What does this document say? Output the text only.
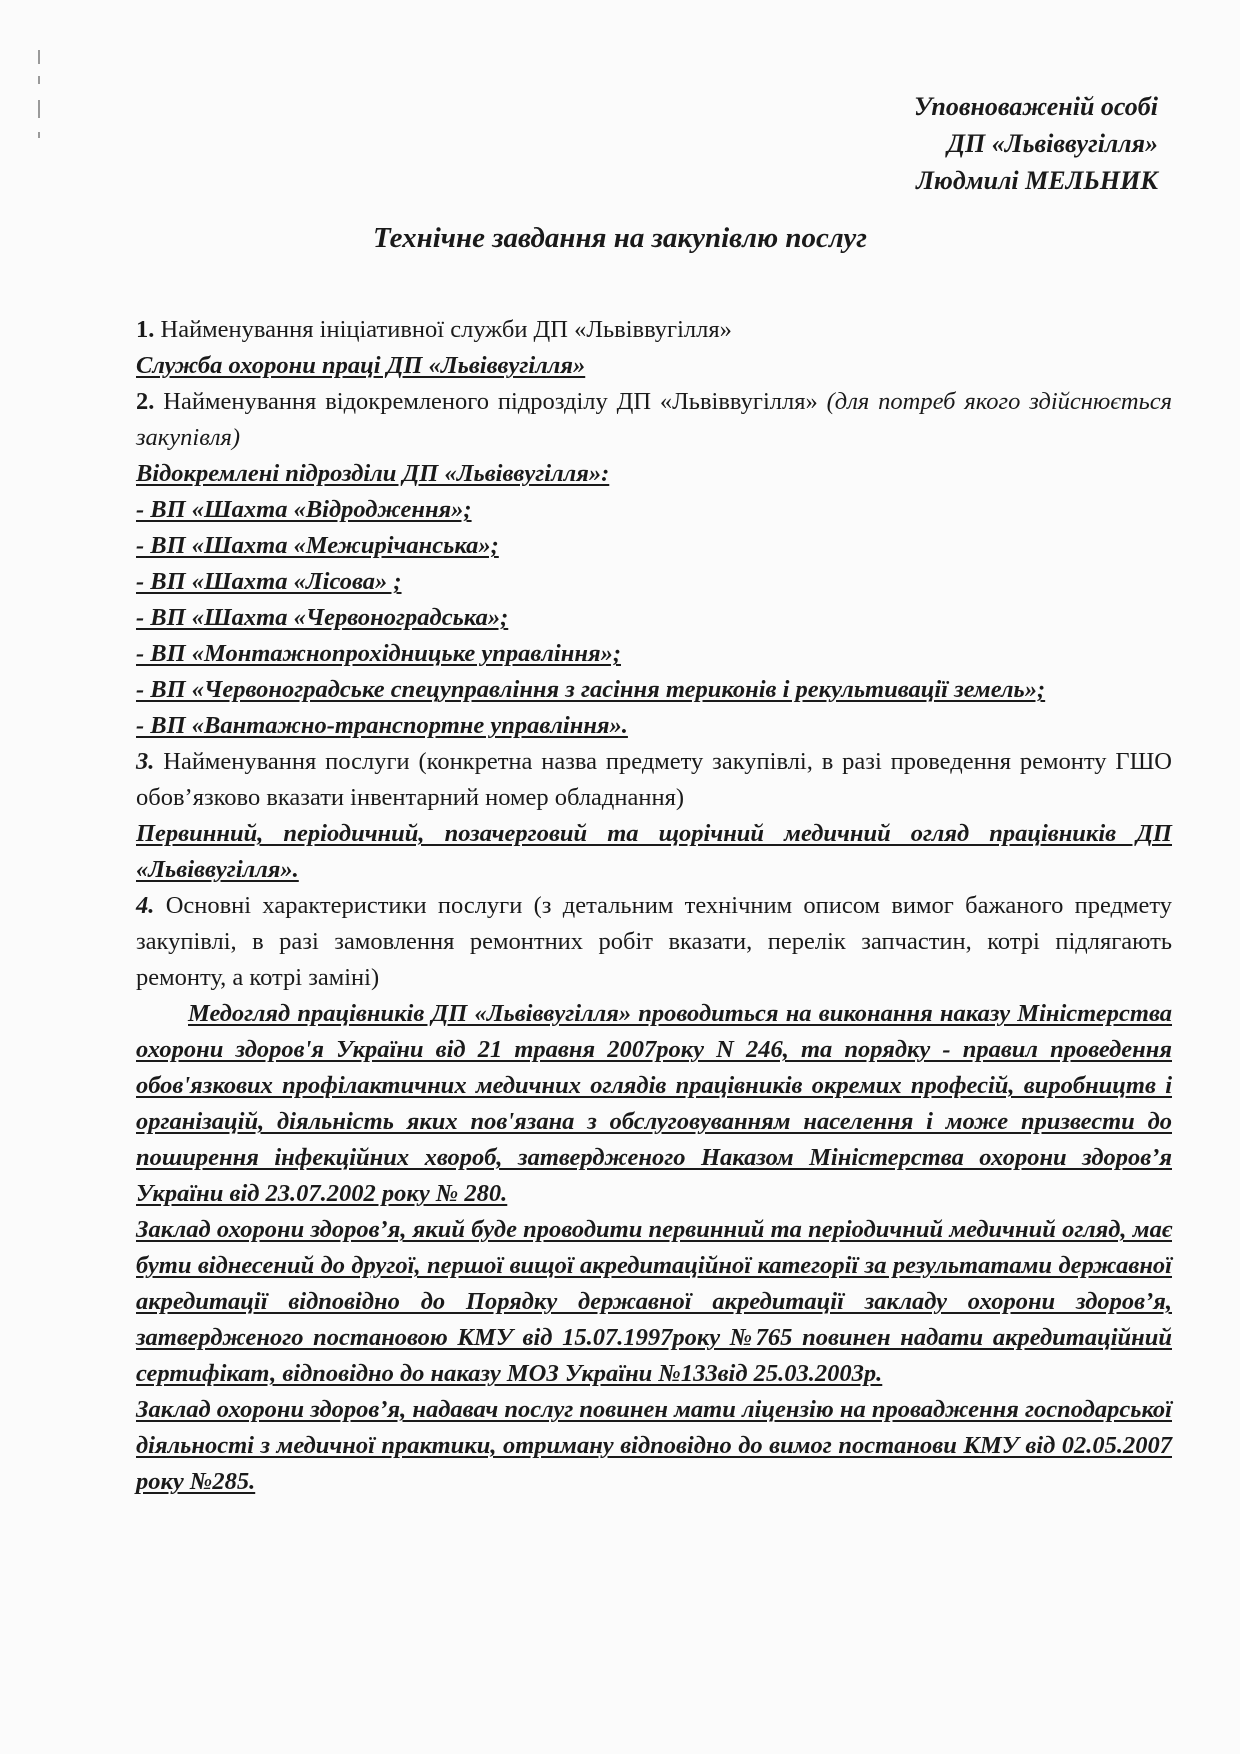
Уповноваженій особі
ДП «Львіввугілля»
Людмилі МЕЛЬНИК
Технічне завдання на закупівлю послуг

1. Найменування ініціативної служби ДП «Львіввугілля»

Служба охорони праці ДП «Львіввугілля»

2. Найменування відокремленого підрозділу ДП «Львіввугілля» (для потреб якого здійснюється закупівля)

Відокремлені підрозділи ДП «Львіввугілля»:

- ВП «Шахта «Відродження»;

- ВП «Шахта «Межирічанська»;

- ВП «Шахта «Лісова» ;

- ВП «Шахта «Червоноградська»;

- ВП «Монтажнопрохідницьке управління»;

- ВП «Червоноградське спецуправління з гасіння териконів і рекультивації земель»;

- ВП «Вантажно-транспортне управління».

3. Найменування послуги (конкретна назва предмету закупівлі, в разі проведення ремонту ГШО обов’язково вказати інвентарний номер обладнання)

Первинний, періодичний, позачерговий та щорічний медичний огляд працівників ДП «Львіввугілля».

4. Основні характеристики послуги (з детальним технічним описом вимог бажаного предмету закупівлі, в разі замовлення ремонтних робіт вказати, перелік запчастин, котрі підлягають ремонту, а котрі заміні)

Медогляд працівників ДП «Львіввугілля» проводиться на виконання наказу Міністерства охорони здоров'я України від 21 травня 2007року N 246, та порядку - правил проведення обов'язкових профілактичних медичних оглядів працівників окремих професій, виробництв і організацій, діяльність яких пов'язана з обслуговуванням населення і може призвести до поширення інфекційних хвороб, затвердженого Наказом Міністерства охорони здоров’я України від 23.07.2002 року № 280.

Заклад охорони здоров’я, який буде проводити первинний та періодичний медичний огляд, має бути віднесений до другої, першої вищої акредитаційної категорії за результатами державної акредитації відповідно до Порядку державної акредитації закладу охорони здоров’я, затвердженого постановою КМУ від 15.07.1997року №765 повинен надати акредитаційний сертифікат, відповідно до наказу МОЗ України №133від 25.03.2003р.

Заклад охорони здоров’я, надавач послуг повинен мати ліцензію на провадження господарської діяльності з медичної практики, отриману відповідно до вимог постанови КМУ від 02.05.2007 року №285.
